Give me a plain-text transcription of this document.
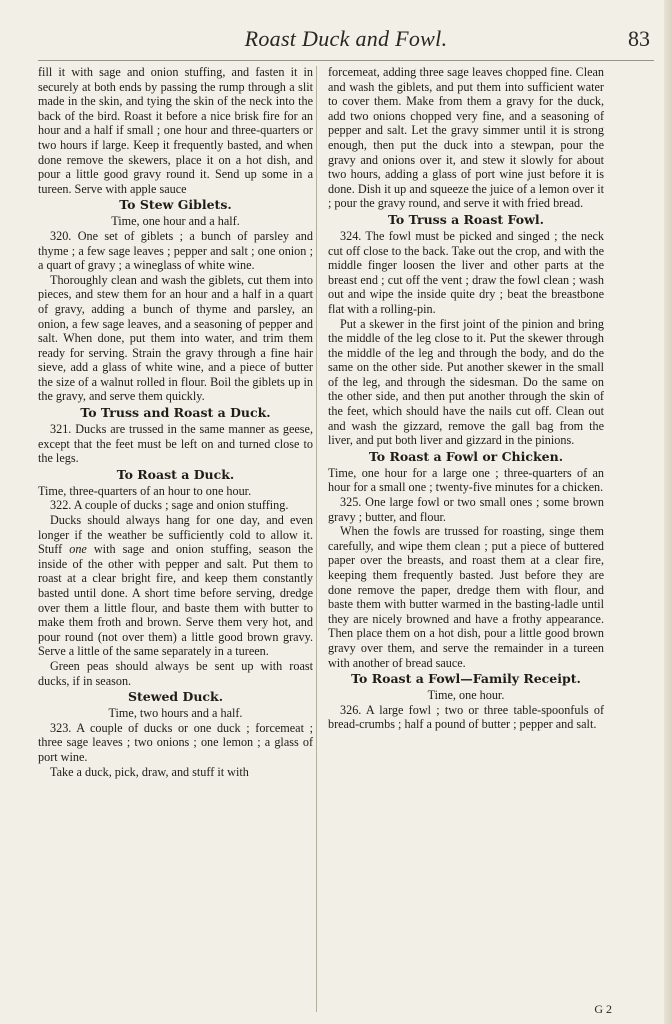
Roast Duck and Fowl.	83

fill it with sage and onion stuffing, and fasten it in securely at both ends by passing the rump through a slit made in the skin, and tying the skin of the neck into the back of the bird. Roast it before a nice brisk fire for an hour and a half if small ; one hour and three-quarters or two hours if large. Keep it frequently basted, and when done remove the skewers, place it on a hot dish, and pour a little good gravy round it. Send up some in a tureen. Serve with apple sauce

To Stew Giblets.

Time, one hour and a half.

320. One set of giblets ; a bunch of parsley and thyme ; a few sage leaves ; pepper and salt ; one onion ; a quart of gravy ; a wineglass of white wine.

Thoroughly clean and wash the giblets, cut them into pieces, and stew them for an hour and a half in a quart of gravy, adding a bunch of thyme and parsley, an onion, a few sage leaves, and a seasoning of pepper and salt. When done, put them into water, and trim them ready for serving. Strain the gravy through a fine hair sieve, add a glass of white wine, and a piece of butter the size of a walnut rolled in flour. Boil the giblets up in the gravy, and serve them quickly.

To Truss and Roast a Duck.

321. Ducks are trussed in the same manner as geese, except that the feet must be left on and turned close to the legs.

To Roast a Duck.

Time, three-quarters of an hour to one hour.

322. A couple of ducks ; sage and onion stuffing.

Ducks should always hang for one day, and even longer if the weather be sufficiently cold to allow it. Stuff one with sage and onion stuffing, season the inside of the other with pepper and salt. Put them to roast at a clear bright fire, and keep them constantly basted until done. A short time before serving, dredge over them a little flour, and baste them with butter to make them froth and brown. Serve them very hot, and pour round (not over them) a little good brown gravy. Serve a little of the same separately in a tureen.

Green peas should always be sent up with roast ducks, if in season.

Stewed Duck.

Time, two hours and a half.

323. A couple of ducks or one duck ; forcemeat ; three sage leaves ; two onions ; one lemon ; a glass of port wine.

Take a duck, pick, draw, and stuff it with

forcemeat, adding three sage leaves chopped fine. Clean and wash the giblets, and put them into sufficient water to cover them. Make from them a gravy for the duck, add two onions chopped very fine, and a seasoning of pepper and salt. Let the gravy simmer until it is strong enough, then put the duck into a stewpan, pour the gravy and onions over it, and stew it slowly for about two hours, adding a glass of port wine just before it is done. Dish it up and squeeze the juice of a lemon over it ; pour the gravy round, and serve it with fried bread.

To Truss a Roast Fowl.

324. The fowl must be picked and singed ; the neck cut off close to the back. Take out the crop, and with the middle finger loosen the liver and other parts at the breast end ; cut off the vent ; draw the fowl clean ; wash out and wipe the inside quite dry ; beat the breastbone flat with a rolling-pin.

Put a skewer in the first joint of the pinion and bring the middle of the leg close to it. Put the skewer through the middle of the leg and through the body, and do the same on the other side. Put another skewer in the small of the leg, and through the sidesman. Do the same on the other side, and then put another through the skin of the feet, which should have the nails cut off. Clean out and wash the gizzard, remove the gall bag from the liver, and put both liver and gizzard in the pinions.

To Roast a Fowl or Chicken.

Time, one hour for a large one ; three-quarters of an hour for a small one ; twenty-five minutes for a chicken.

325. One large fowl or two small ones ; some brown gravy ; butter, and flour.

When the fowls are trussed for roasting, singe them carefully, and wipe them clean ; put a piece of buttered paper over the breasts, and roast them at a clear fire, keeping them frequently basted. Just before they are done remove the paper, dredge them with flour, and baste them with butter warmed in the basting-ladle until they are nicely browned and have a frothy appearance. Then place them on a hot dish, pour a little good brown gravy over them, and serve the remainder in a tureen with another of bread sauce.

To Roast a Fowl—Family Receipt.

Time, one hour.

326. A large fowl ; two or three table-spoonfuls of bread-crumbs ; half a pound of butter ; pepper and salt.

G 2
